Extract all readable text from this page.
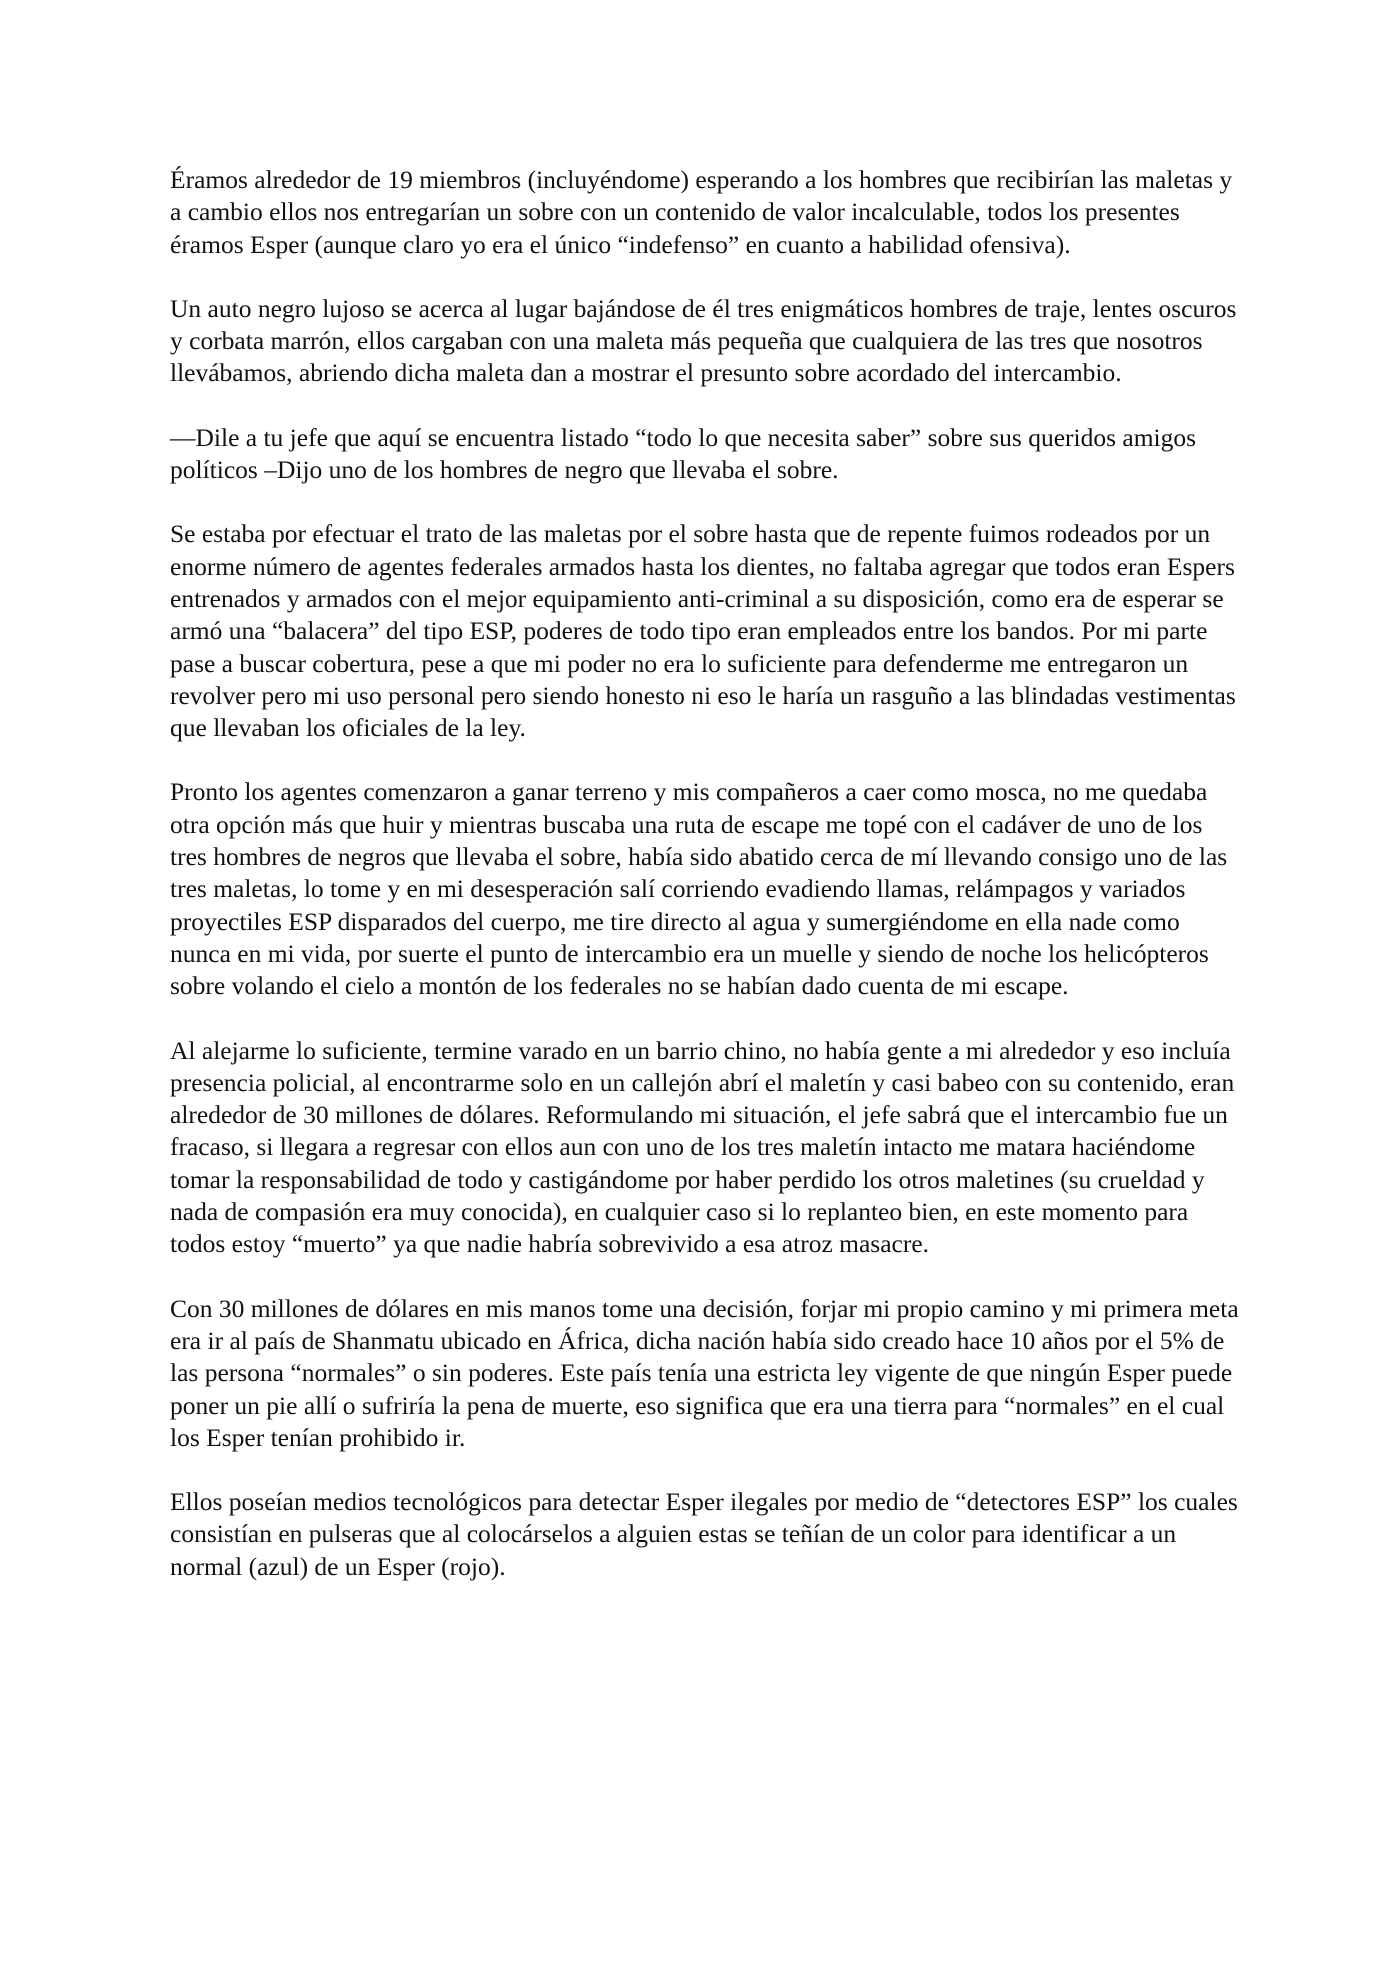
Éramos alrededor de 19 miembros (incluyéndome) esperando a los hombres que recibirían las maletas y a cambio ellos nos entregarían un sobre con un contenido de valor incalculable, todos los presentes éramos Esper (aunque claro yo era el único “indefenso” en cuanto a habilidad ofensiva).

Un auto negro lujoso se acerca al lugar bajándose de él tres enigmáticos hombres de traje, lentes oscuros y corbata marrón, ellos cargaban con una maleta más pequeña que cualquiera de las tres que nosotros llevábamos, abriendo dicha maleta dan a mostrar el presunto sobre acordado del intercambio.

—Dile a tu jefe que aquí se encuentra listado “todo lo que necesita saber” sobre sus queridos amigos políticos –Dijo uno de los hombres de negro que llevaba el sobre.

Se estaba por efectuar el trato de las maletas por el sobre hasta que de repente fuimos rodeados por un enorme número de agentes federales armados hasta los dientes, no faltaba agregar que todos eran Espers entrenados y armados con el mejor equipamiento anti-criminal a su disposición, como era de esperar se armó una “balacera” del tipo ESP, poderes de todo tipo eran empleados entre los bandos. Por mi parte pase a buscar cobertura, pese a que mi poder no era lo suficiente para defenderme me entregaron un revolver pero mi uso personal pero siendo honesto ni eso le haría un rasguño a las blindadas vestimentas que llevaban los oficiales de la ley.

Pronto los agentes comenzaron a ganar terreno y mis compañeros a caer como mosca, no me quedaba otra opción más que huir y mientras buscaba una ruta de escape me topé con el cadáver de uno de los tres hombres de negros que llevaba el sobre, había sido abatido cerca de mí llevando consigo uno de las tres maletas, lo tome y en mi desesperación salí corriendo evadiendo llamas, relámpagos y variados proyectiles ESP disparados del cuerpo, me tire directo al agua y sumergiéndome en ella nade como nunca en mi vida, por suerte el punto de intercambio era un muelle y siendo de noche los helicópteros sobre volando el cielo a montón de los federales no se habían dado cuenta de mi escape.

Al alejarme lo suficiente, termine varado en un barrio chino, no había gente a mi alrededor y eso incluía presencia policial, al encontrarme solo en un callejón abrí el maletín y casi babeo con su contenido, eran alrededor de 30 millones de dólares. Reformulando mi situación, el jefe sabrá que el intercambio fue un fracaso, si llegara a regresar con ellos aun con uno de los tres maletín intacto me matara haciéndome tomar la responsabilidad de todo y castigándome por haber perdido los otros maletines (su crueldad y nada de compasión era muy conocida), en cualquier caso si lo replanteo bien, en este momento para todos estoy “muerto” ya que nadie habría sobrevivido a esa atroz masacre.

Con 30 millones de dólares en mis manos tome una decisión, forjar mi propio camino y mi primera meta era ir al país de Shanmatu ubicado en África, dicha nación había sido creado hace 10 años por el 5% de las persona “normales” o sin poderes. Este país tenía una estricta ley vigente de que ningún Esper puede poner un pie allí o sufriría la pena de muerte, eso significa que era una tierra para “normales” en el cual los Esper tenían prohibido ir.

Ellos poseían medios tecnológicos para detectar Esper ilegales por medio de “detectores ESP” los cuales consistían en pulseras que al colocárselos a alguien estas se teñían de un color para identificar a un normal (azul) de un Esper (rojo).
